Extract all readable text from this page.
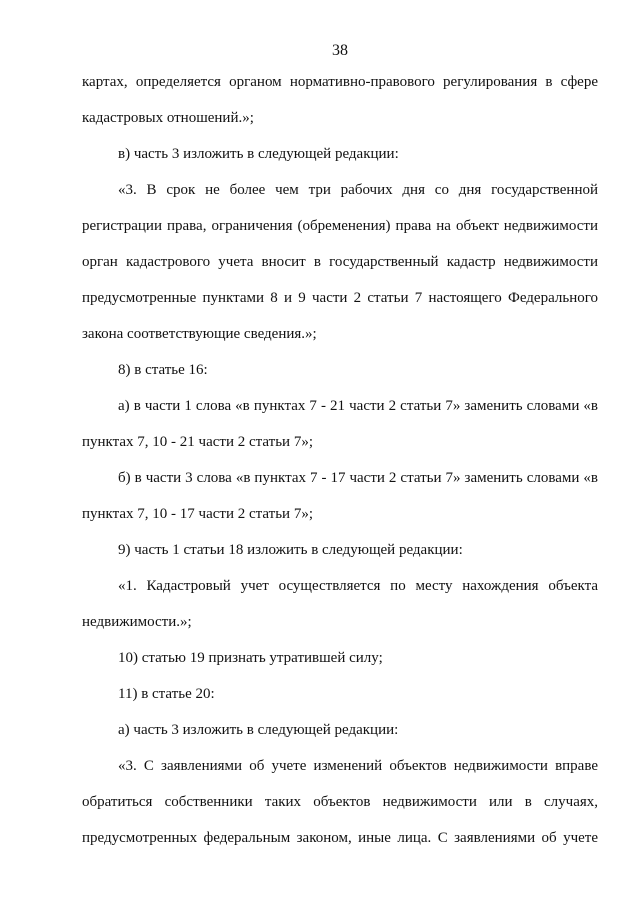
38

картах, определяется органом нормативно-правового регулирования в сфере

кадастровых отношений.»;

в) часть 3 изложить в следующей редакции:

«3. В срок не более чем три рабочих дня со дня государственной

регистрации права, ограничения (обременения) права на объект недвижимости

орган кадастрового учета вносит в государственный кадастр недвижимости

предусмотренные пунктами 8 и 9 части 2 статьи 7 настоящего Федерального

закона соответствующие сведения.»;

8) в статье 16:

а) в части 1 слова «в пунктах 7 - 21 части 2 статьи 7» заменить словами «в

пунктах 7, 10 - 21 части 2 статьи 7»;

б) в части 3 слова «в пунктах 7 - 17 части 2 статьи 7» заменить словами «в

пунктах 7, 10 - 17 части 2 статьи 7»;

9) часть 1 статьи 18 изложить в следующей редакции:

«1. Кадастровый учет осуществляется по месту нахождения объекта

недвижимости.»;

10) статью 19 признать утратившей силу;

11) в статье 20:

а) часть 3 изложить в следующей редакции:

«3. С заявлениями об учете изменений объектов недвижимости вправе

обратиться собственники таких объектов недвижимости или в случаях,

предусмотренных федеральным законом, иные лица. С заявлениями об учете
